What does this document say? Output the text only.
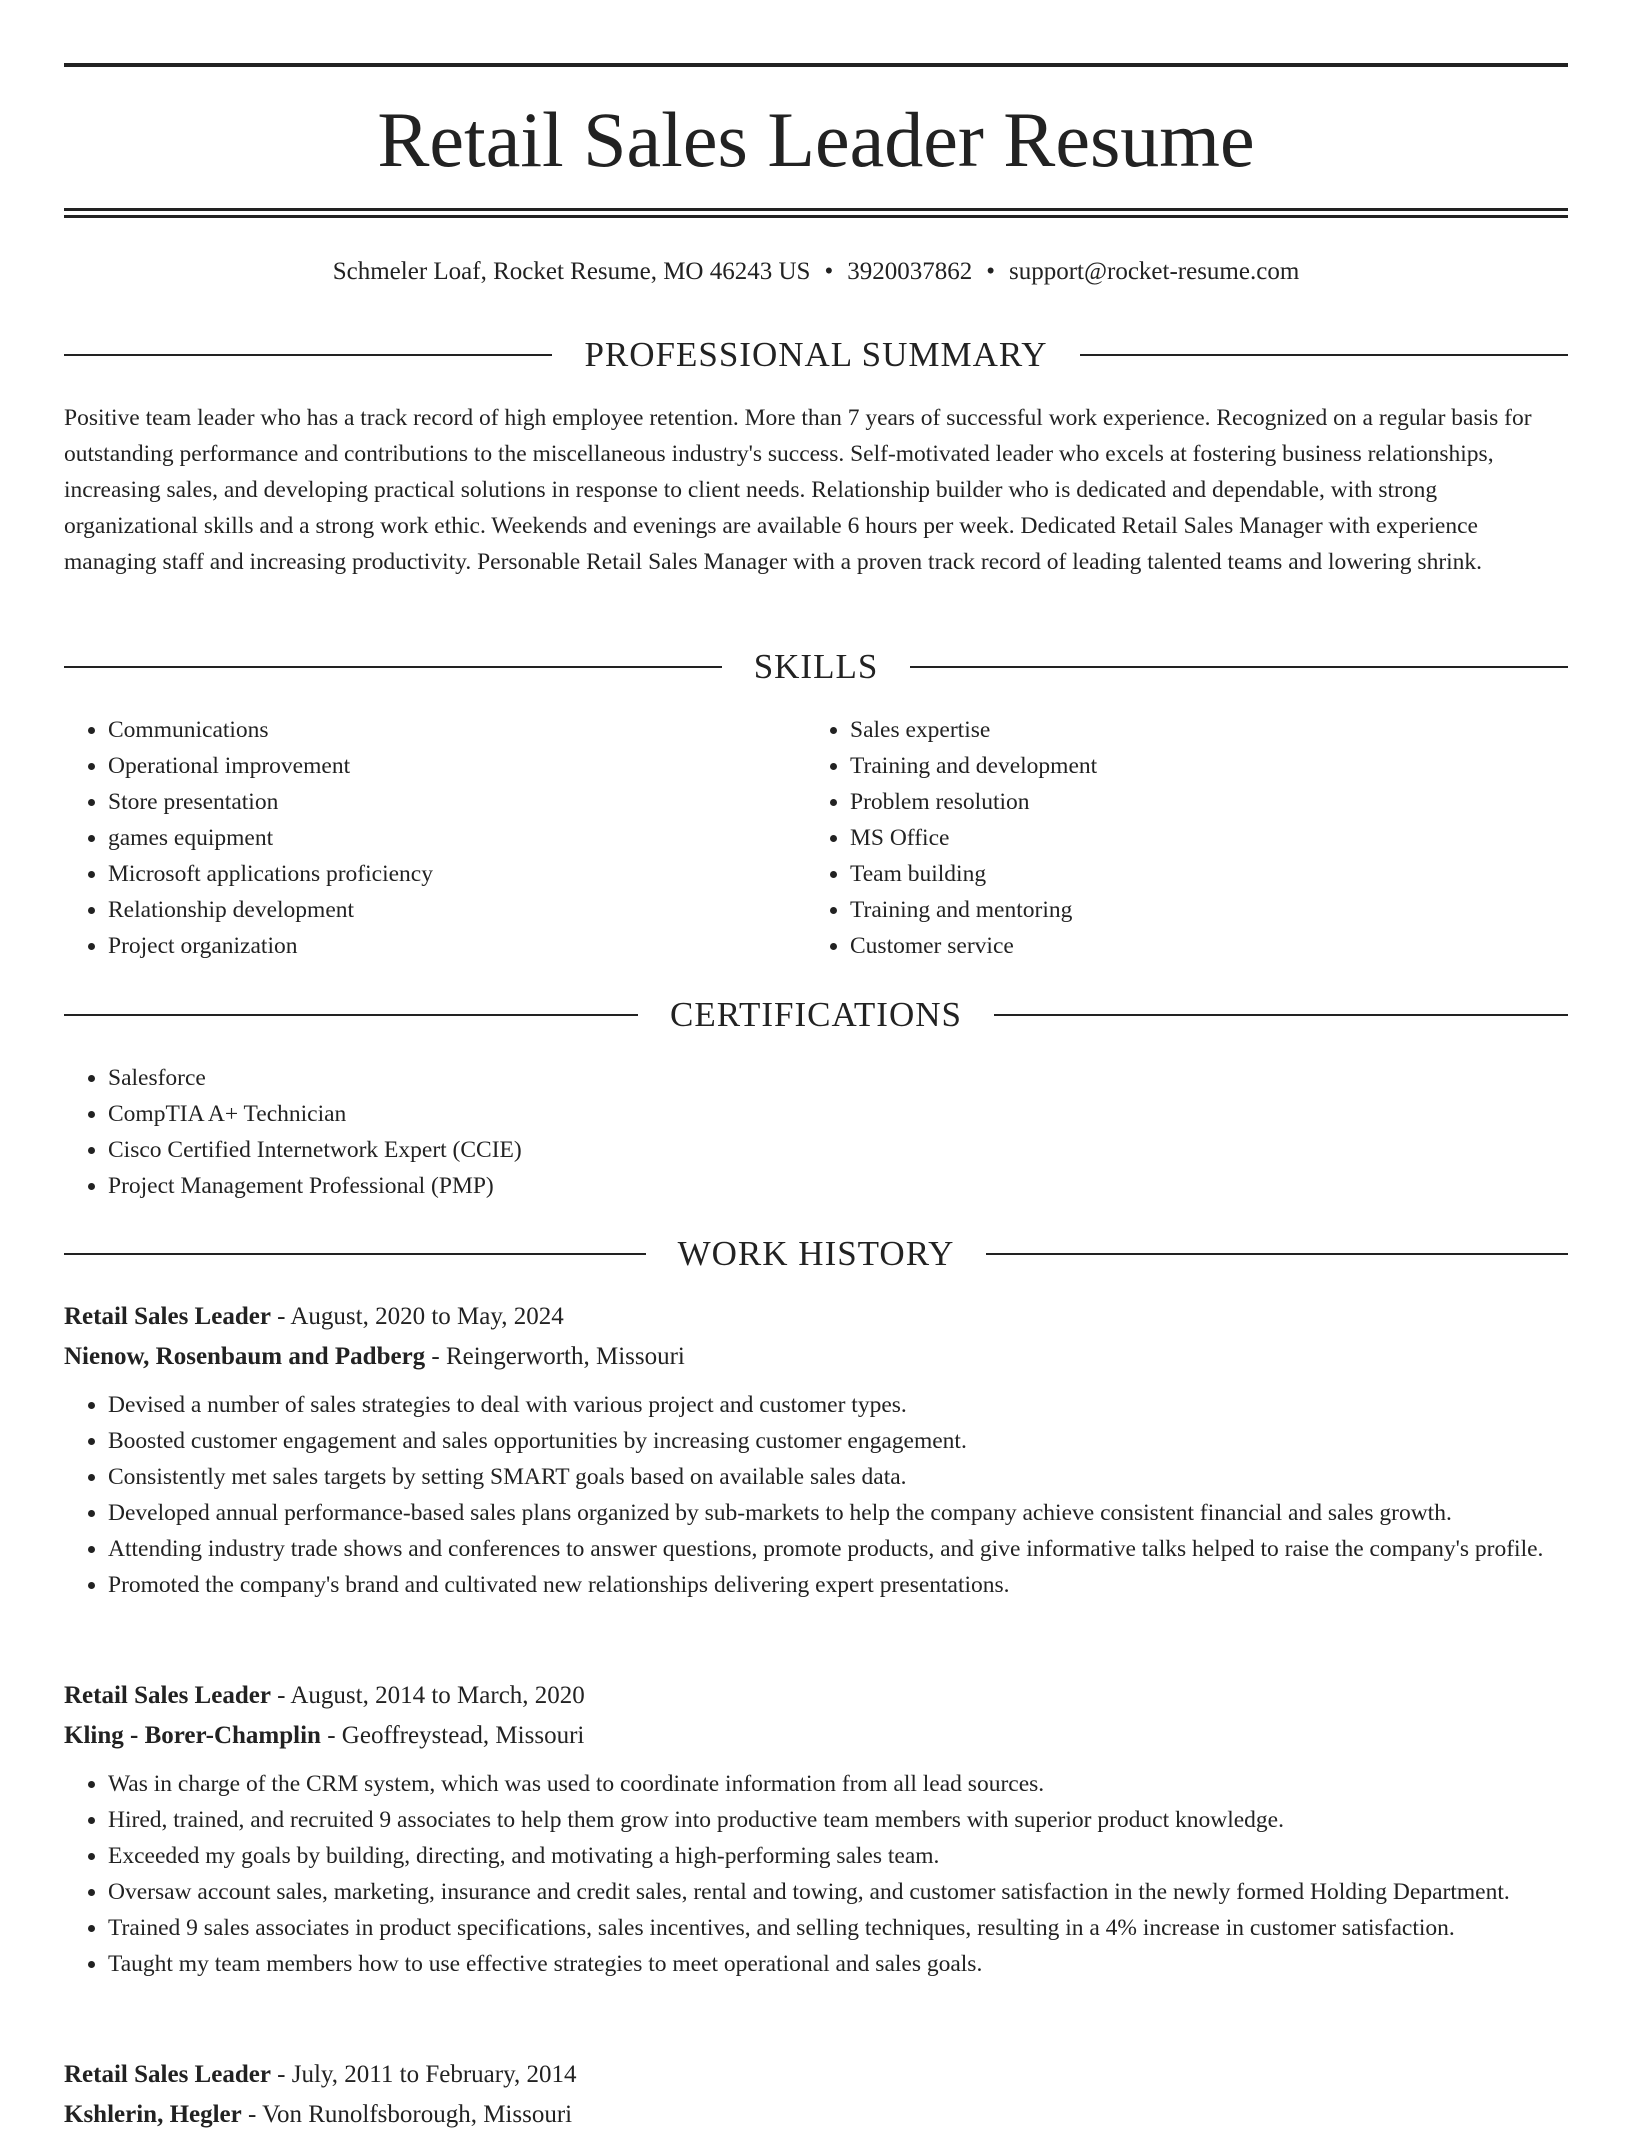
Retail Sales Leader Resume
Schmeler Loaf, Rocket Resume, MO 46243 US • 3920037862 • support@rocket-resume.com
PROFESSIONAL SUMMARY

Positive team leader who has a track record of high employee retention. More than 7 years of successful work experience. Recognized on a regular basis for outstanding performance and contributions to the miscellaneous industry's success. Self-motivated leader who excels at fostering business relationships, increasing sales, and developing practical solutions in response to client needs. Relationship builder who is dedicated and dependable, with strong organizational skills and a strong work ethic. Weekends and evenings are available 6 hours per week. Dedicated Retail Sales Manager with experience managing staff and increasing productivity. Personable Retail Sales Manager with a proven track record of leading talented teams and lowering shrink.

SKILLS
• Communications
• Operational improvement
• Store presentation
• games equipment
• Microsoft applications proficiency
• Relationship development
• Project organization
• Sales expertise
• Training and development
• Problem resolution
• MS Office
• Team building
• Training and mentoring
• Customer service
CERTIFICATIONS
• Salesforce
• CompTIA A+ Technician
• Cisco Certified Internetwork Expert (CCIE)
• Project Management Professional (PMP)
WORK HISTORY
Retail Sales Leader - August, 2020 to May, 2024
Nienow, Rosenbaum and Padberg - Reingerworth, Missouri
• Devised a number of sales strategies to deal with various project and customer types.
• Boosted customer engagement and sales opportunities by increasing customer engagement.
• Consistently met sales targets by setting SMART goals based on available sales data.
• Developed annual performance-based sales plans organized by sub-markets to help the company achieve consistent financial and sales growth.
• Attending industry trade shows and conferences to answer questions, promote products, and give informative talks helped to raise the company's profile.
• Promoted the company's brand and cultivated new relationships delivering expert presentations.
Retail Sales Leader - August, 2014 to March, 2020
Kling - Borer-Champlin - Geoffreystead, Missouri
• Was in charge of the CRM system, which was used to coordinate information from all lead sources.
• Hired, trained, and recruited 9 associates to help them grow into productive team members with superior product knowledge.
• Exceeded my goals by building, directing, and motivating a high-performing sales team.
• Oversaw account sales, marketing, insurance and credit sales, rental and towing, and customer satisfaction in the newly formed Holding Department.
• Trained 9 sales associates in product specifications, sales incentives, and selling techniques, resulting in a 4% increase in customer satisfaction.
• Taught my team members how to use effective strategies to meet operational and sales goals.
Retail Sales Leader - July, 2011 to February, 2014
Kshlerin, Hegler - Von Runolfsborough, Missouri
